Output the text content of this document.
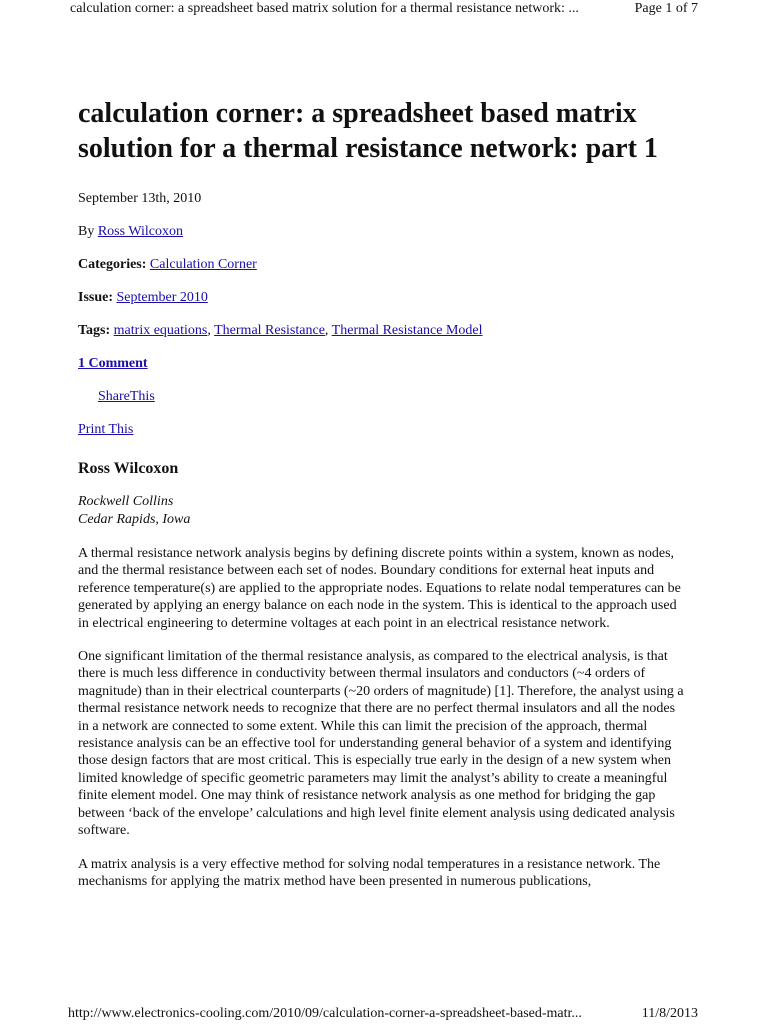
calculation corner: a spreadsheet based matrix solution for a thermal resistance network: ...	Page 1 of 7
calculation corner: a spreadsheet based matrix solution for a thermal resistance network: part 1
September 13th, 2010
By Ross Wilcoxon
Categories: Calculation Corner
Issue: September 2010
Tags: matrix equations, Thermal Resistance, Thermal Resistance Model
1 Comment
ShareThis
Print This
Ross Wilcoxon
Rockwell Collins
Cedar Rapids, Iowa

A thermal resistance network analysis begins by defining discrete points within a system, known as nodes, and the thermal resistance between each set of nodes. Boundary conditions for external heat inputs and reference temperature(s) are applied to the appropriate nodes. Equations to relate nodal temperatures can be generated by applying an energy balance on each node in the system. This is identical to the approach used in electrical engineering to determine voltages at each point in an electrical resistance network.

One significant limitation of the thermal resistance analysis, as compared to the electrical analysis, is that there is much less difference in conductivity between thermal insulators and conductors (~4 orders of magnitude) than in their electrical counterparts (~20 orders of magnitude) [1]. Therefore, the analyst using a thermal resistance network needs to recognize that there are no perfect thermal insulators and all the nodes in a network are connected to some extent. While this can limit the precision of the approach, thermal resistance analysis can be an effective tool for understanding general behavior of a system and identifying those design factors that are most critical. This is especially true early in the design of a new system when limited knowledge of specific geometric parameters may limit the analyst’s ability to create a meaningful finite element model. One may think of resistance network analysis as one method for bridging the gap between ‘back of the envelope’ calculations and high level finite element analysis using dedicated analysis software.

A matrix analysis is a very effective method for solving nodal temperatures in a resistance network. The mechanisms for applying the matrix method have been presented in numerous publications,

http://www.electronics-cooling.com/2010/09/calculation-corner-a-spreadsheet-based-matr...	11/8/2013
